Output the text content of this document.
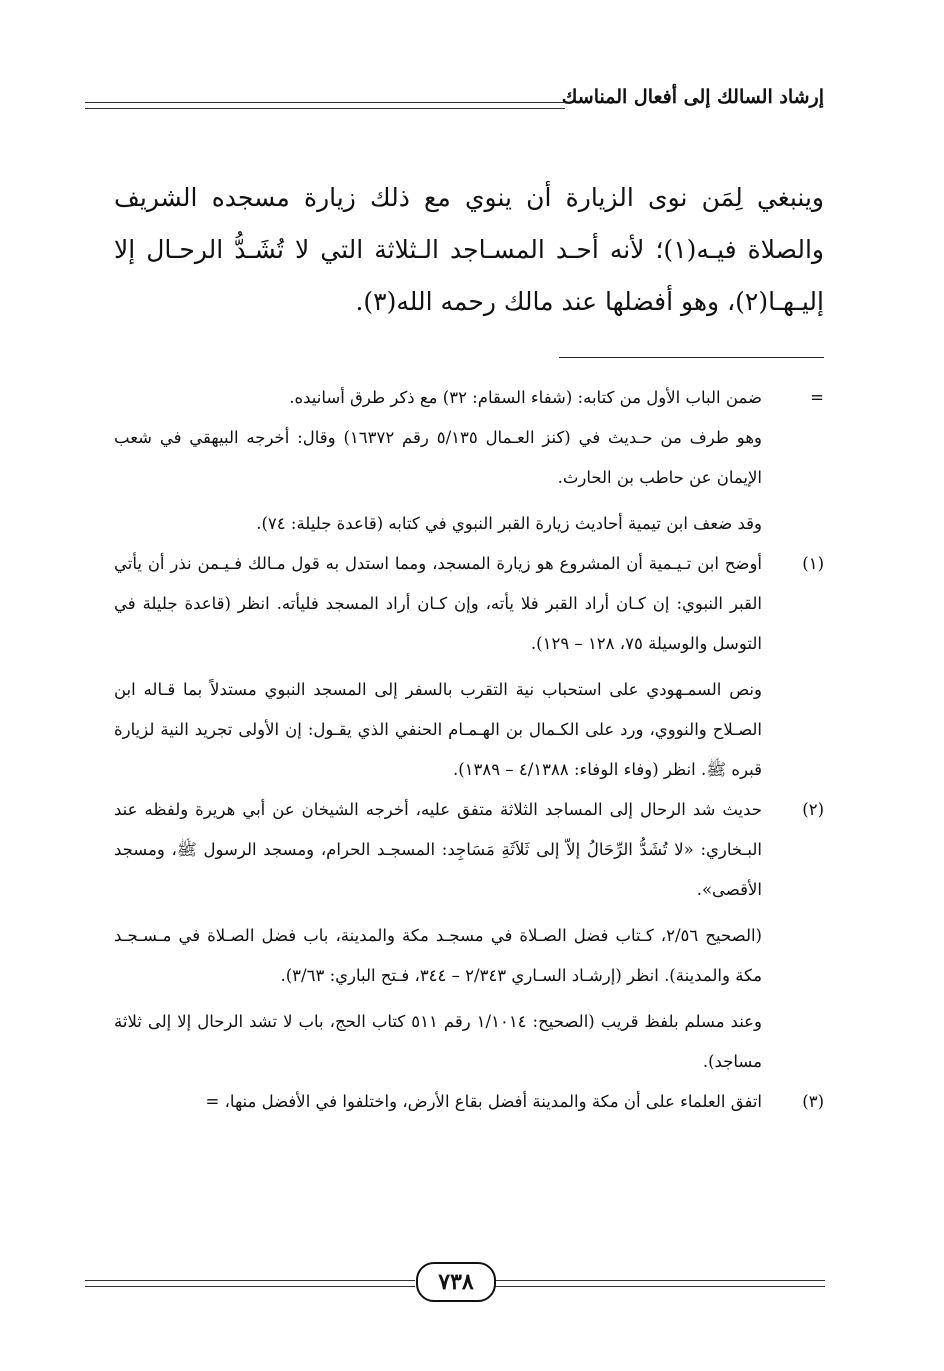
إرشاد السالك إلى أفعال المناسك

وينبغي لِمَن نوى الزيارة أن ينوي مع ذلك زيارة مسجده الشريف والصلاة فيـه(١)؛ لأنه أحـد المسـاجد الـثلاثة التي لا تُشَـدُّ الرحـال إلا إليـهـا(٢)، وهو أفضلها عند مالك رحمه الله(٣).

=
ضمن الباب الأول من كتابه: (شفاء السقام: ٣٢) مع ذكر طرق أسانيده.

وهو طرف من حـديث في (كنز العـمال ٥/١٣٥ رقم ١٦٣٧٢) وقال: أخرجه البيهقي في شعب الإيمان عن حاطب بن الحارث.

وقد ضعف ابن تيمية أحاديث زيارة القبر النبوي في كتابه (قاعدة جليلة: ٧٤).

(١)
أوضح ابن تـيـمية أن المشروع هو زيارة المسجد، ومما استدل به قول مـالك فـيـمن نذر أن يأتي القبر النبوي: إن كـان أراد القبر فلا يأته، وإن كـان أراد المسجد فليأته. انظر (قاعدة جليلة في التوسل والوسيلة ٧٥، ١٢٨ – ١٢٩).

ونص السمـهودي على استحباب نية التقرب بالسفر إلى المسجد النبوي مستدلاً بما قـاله ابن الصـلاح والنووي، ورد على الكـمال بن الهـمـام الحنفي الذي يقـول: إن الأولى تجريد النية لزيارة قبره ﷺ. انظر (وفاء الوفاء: ٤/١٣٨٨ – ١٣٨٩).

(٢)
حديث شد الرحال إلى المساجد الثلاثة متفق عليه، أخرجه الشيخان عن أبي هريرة ولفظه عند البـخاري: «لا تُشَدُّ الرِّحَالُ إلاّ إلى ثَلاَثَةِ مَسَاجِد: المسجـد الحرام، ومسجد الرسول ﷺ، ومسجد الأقصى».

(الصحيح ٢/٥٦، كـتاب فضل الصـلاة في مسجـد مكة والمدينة، باب فضل الصـلاة في مـسـجـد مكة والمدينة). انظر (إرشـاد السـاري ٢/٣٤٣ – ٣٤٤، فـتح الباري: ٣/٦٣).

وعند مسلم بلفظ قريب (الصحيح: ١/١٠١٤ رقم ٥١١ كتاب الحج، باب لا تشد الرحال إلا إلى ثلاثة مساجد).

(٣)
اتفق العلماء على أن مكة والمدينة أفضل بقاع الأرض، واختلفوا في الأفضل منها، =

٧٣٨
